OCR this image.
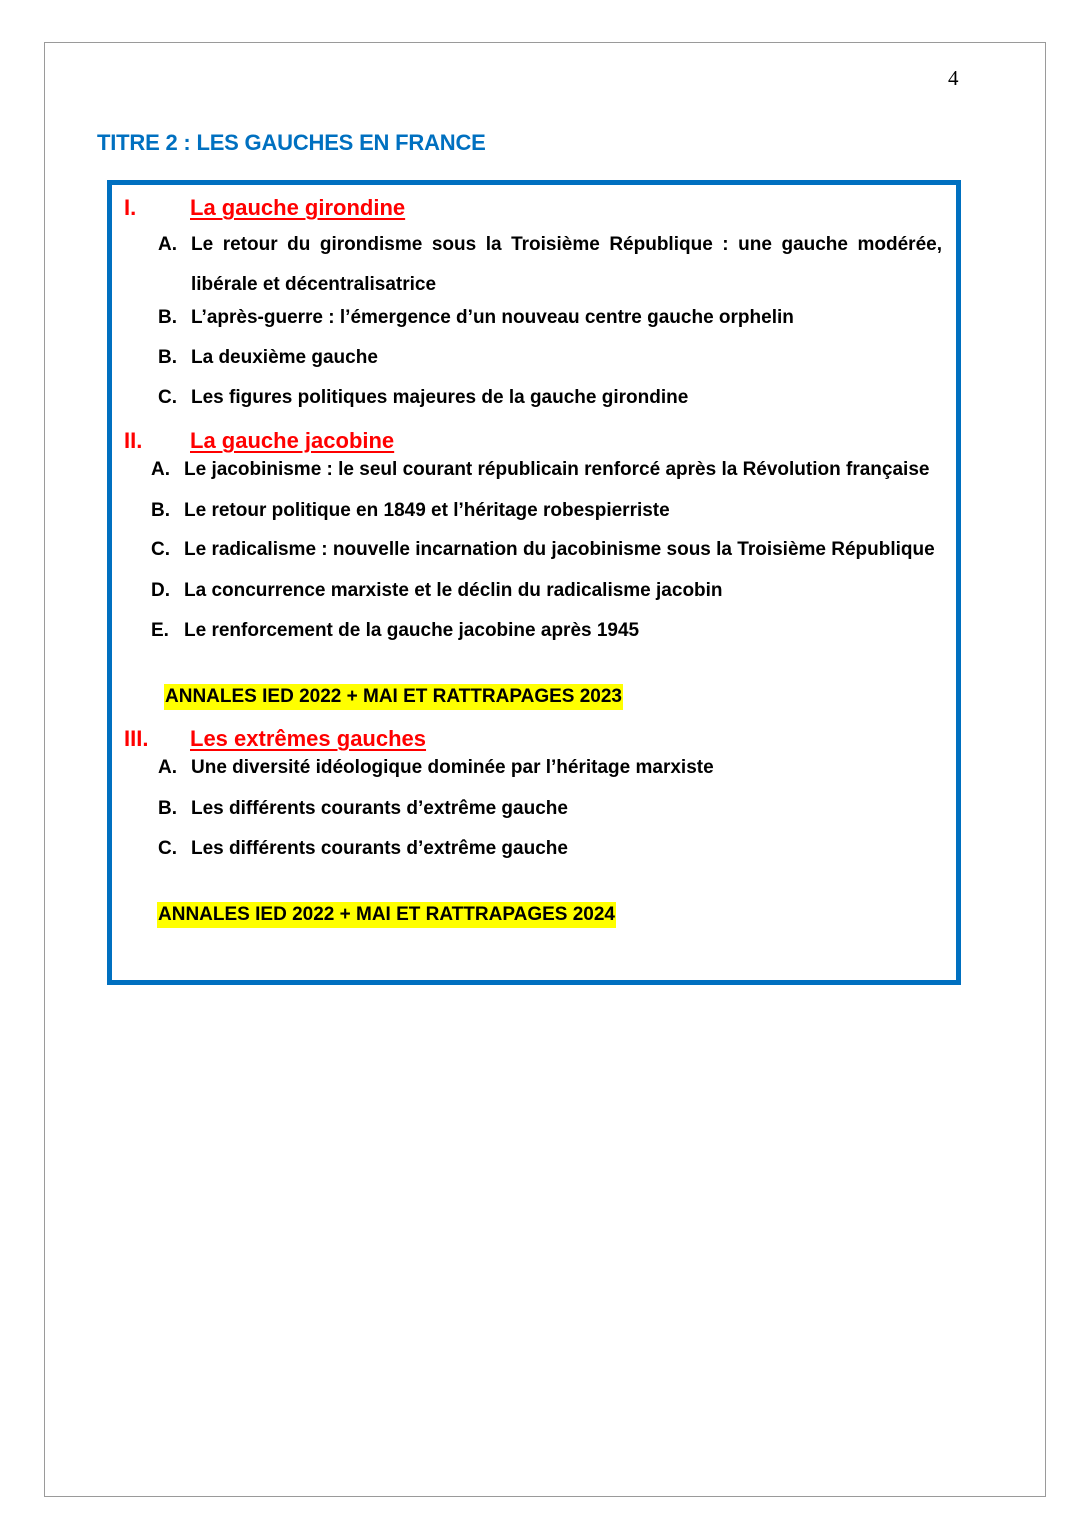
4
TITRE 2 : LES GAUCHES EN FRANCE
I.	La gauche girondine
A. Le retour du girondisme sous la Troisième République : une gauche modérée, libérale et décentralisatrice
B. L’après-guerre : l’émergence d’un nouveau centre gauche orphelin
B. La deuxième gauche
C. Les figures politiques majeures de la gauche girondine
II.	La gauche jacobine
A. Le jacobinisme : le seul courant républicain renforcé après la Révolution française
B. Le retour politique en 1849 et l’héritage robespierriste
C. Le radicalisme : nouvelle incarnation du jacobinisme sous la Troisième République
D. La concurrence marxiste et le déclin du radicalisme jacobin
E. Le renforcement de la gauche jacobine après 1945
ANNALES IED 2022 + MAI ET RATTRAPAGES 2023
III.	Les extrêmes gauches
A. Une diversité idéologique dominée par l’héritage marxiste
B. Les différents courants d’extrême gauche
C. Les différents courants d’extrême gauche
ANNALES IED 2022 + MAI ET RATTRAPAGES 2024
